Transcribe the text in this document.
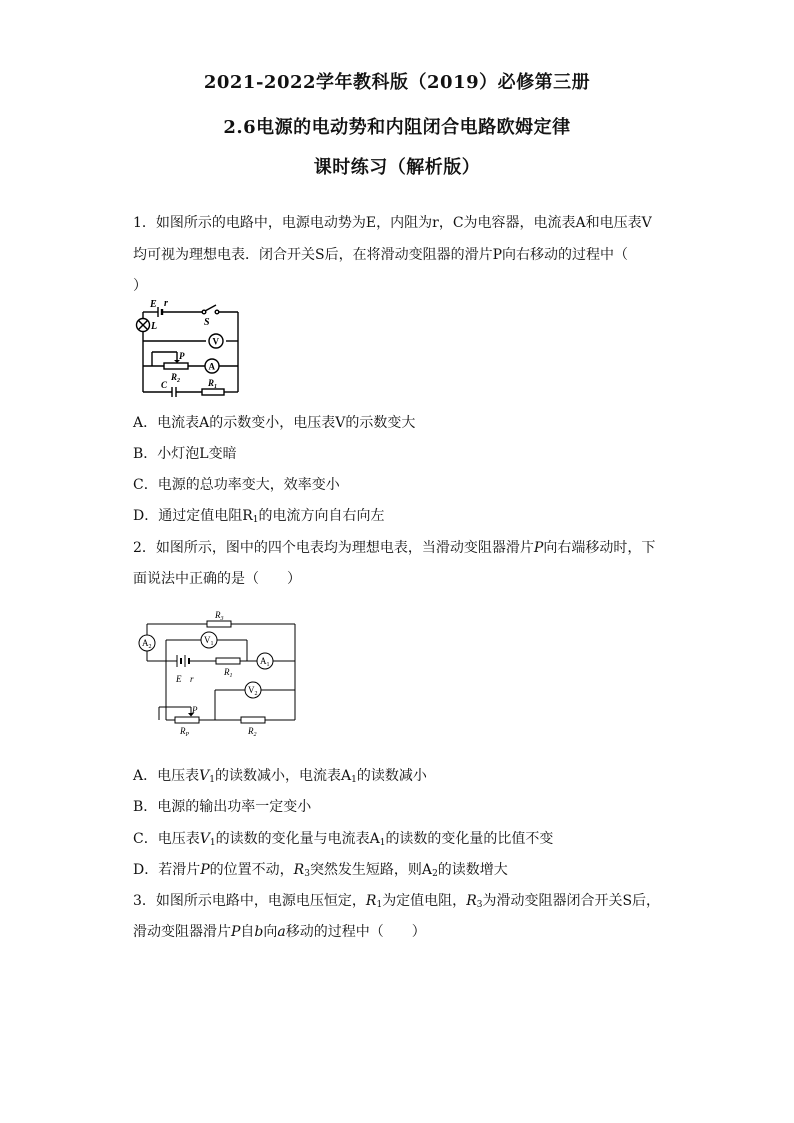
2021-2022学年教科版（2019）必修第三册
2.6电源的电动势和内阻闭合电路欧姆定律
课时练习（解析版）
1．如图所示的电路中，电源电动势为E，内阻为r，C为电容器，电流表A和电压表V
均可视为理想电表．闭合开关S后，在将滑动变阻器的滑片P向右移动的过程中（
）
E r
S
L
V
A
P
$R_2$	$R_1$
C
A．电流表A的示数变小，电压表V的示数变大
B．小灯泡L变暗
C．电源的总功率变大，效率变小
D．通过定值电阻$R_1$的电流方向自右向左
2．如图所示，图中的四个电表均为理想电表，当滑动变阻器滑片P向右端移动时，下
面说法中正确的是（　　）
$R_3$
$A_2$
$V_1$
$A_1$
E r
$R_1$
$V_2$
P
$R_P$	$R_2$
A．电压表$V_1$的读数减小，电流表$A_1$的读数减小
B．电源的输出功率一定变小
C．电压表$V_1$的读数的变化量与电流表$A_1$的读数的变化量的比值不变
D．若滑片P的位置不动，$R_3$突然发生短路，则$A_2$的读数增大
3．如图所示电路中，电源电压恒定，$R_1$为定值电阻，$R_3$为滑动变阻器闭合开关S后，
滑动变阻器滑片P自b向a移动的过程中（　　）
